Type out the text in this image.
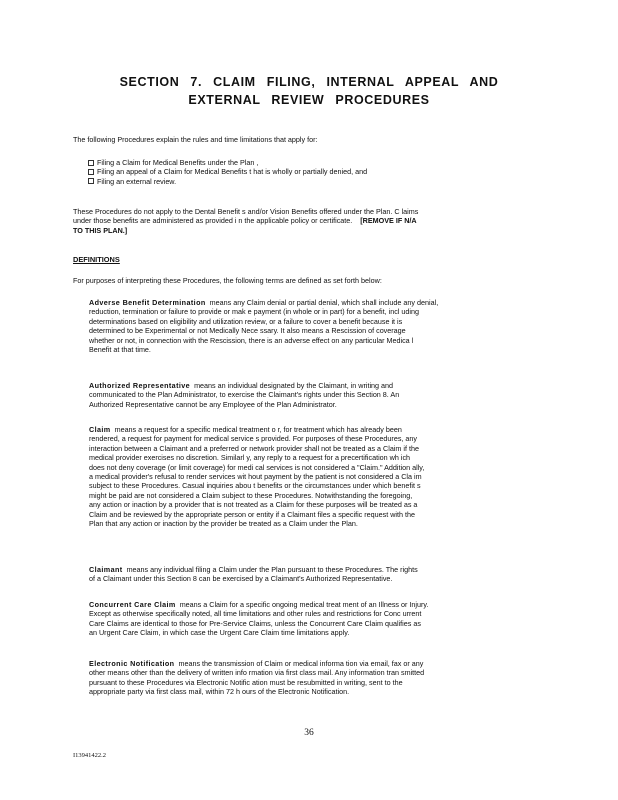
SECTION 7. CLAIM FILING, INTERNAL APPEAL AND
EXTERNAL REVIEW PROCEDURES
The following Procedures explain the rules and time limitations that apply for:
Filing a Claim for Medical Benefits under the Plan ,
Filing an appeal of a Claim for Medical Benefits t hat is wholly or partially denied, and
Filing an external review.
These Procedures do not apply to the Dental Benefit s and/or Vision Benefits offered under the Plan. C laims
under those benefits are administered as provided i n the applicable policy or certificate. [REMOVE IF N/A
TO THIS PLAN.]
DEFINITIONS
For purposes of interpreting these Procedures, the following terms are defined as set forth below:
Adverse Benefit Determination means any Claim denial or partial denial, which shall include any denial,
reduction, termination or failure to provide or mak e payment (in whole or in part) for a benefit, incl uding
determinations based on eligibility and utilization review, or a failure to cover a benefit because it is
determined to be Experimental or not Medically Nece ssary. It also means a Rescission of coverage
whether or not, in connection with the Rescission, there is an adverse effect on any particular Medica l
Benefit at that time.
Authorized Representative means an individual designated by the Claimant, in writing and
communicated to the Plan Administrator, to exercise the Claimant's rights under this Section 8. An
Authorized Representative cannot be any Employee of the Plan Administrator.
Claim means a request for a specific medical treatment o r, for treatment which has already been
rendered, a request for payment for medical service s provided. For purposes of these Procedures, any
interaction between a Claimant and a preferred or network provider shall not be treated as a Claim if the
medical provider exercises no discretion. Similarl y, any reply to a request for a precertification wh ich
does not deny coverage (or limit coverage) for medi cal services is not considered a "Claim." Addition ally,
a medical provider's refusal to render services wit hout payment by the patient is not considered a Cla im
subject to these Procedures. Casual inquiries abou t benefits or the circumstances under which benefit s
might be paid are not considered a Claim subject to these Procedures. Notwithstanding the foregoing,
any action or inaction by a provider that is not treated as a Claim for these purposes will be treated as a
Claim and be reviewed by the appropriate person or entity if a Claimant files a specific request with the
Plan that any action or inaction by the provider be treated as a Claim under the Plan.
Claimant means any individual filing a Claim under the Plan pursuant to these Procedures. The rights
of a Claimant under this Section 8 can be exercised by a Claimant's Authorized Representative.
Concurrent Care Claim means a Claim for a specific ongoing medical treat ment of an Illness or Injury.
Except as otherwise specifically noted, all time limitations and other rules and restrictions for Conc urrent
Care Claims are identical to those for Pre-Service Claims, unless the Concurrent Care Claim qualifies as
an Urgent Care Claim, in which case the Urgent Care Claim time limitations apply.
Electronic Notification means the transmission of Claim or medical informa tion via email, fax or any
other means other than the delivery of written info rmation via first class mail. Any information tran smitted
pursuant to these Procedures via Electronic Notific ation must be resubmitted in writing, sent to the
appropriate party via first class mail, within 72 h ours of the Electronic Notification.
36
I13941422.2
